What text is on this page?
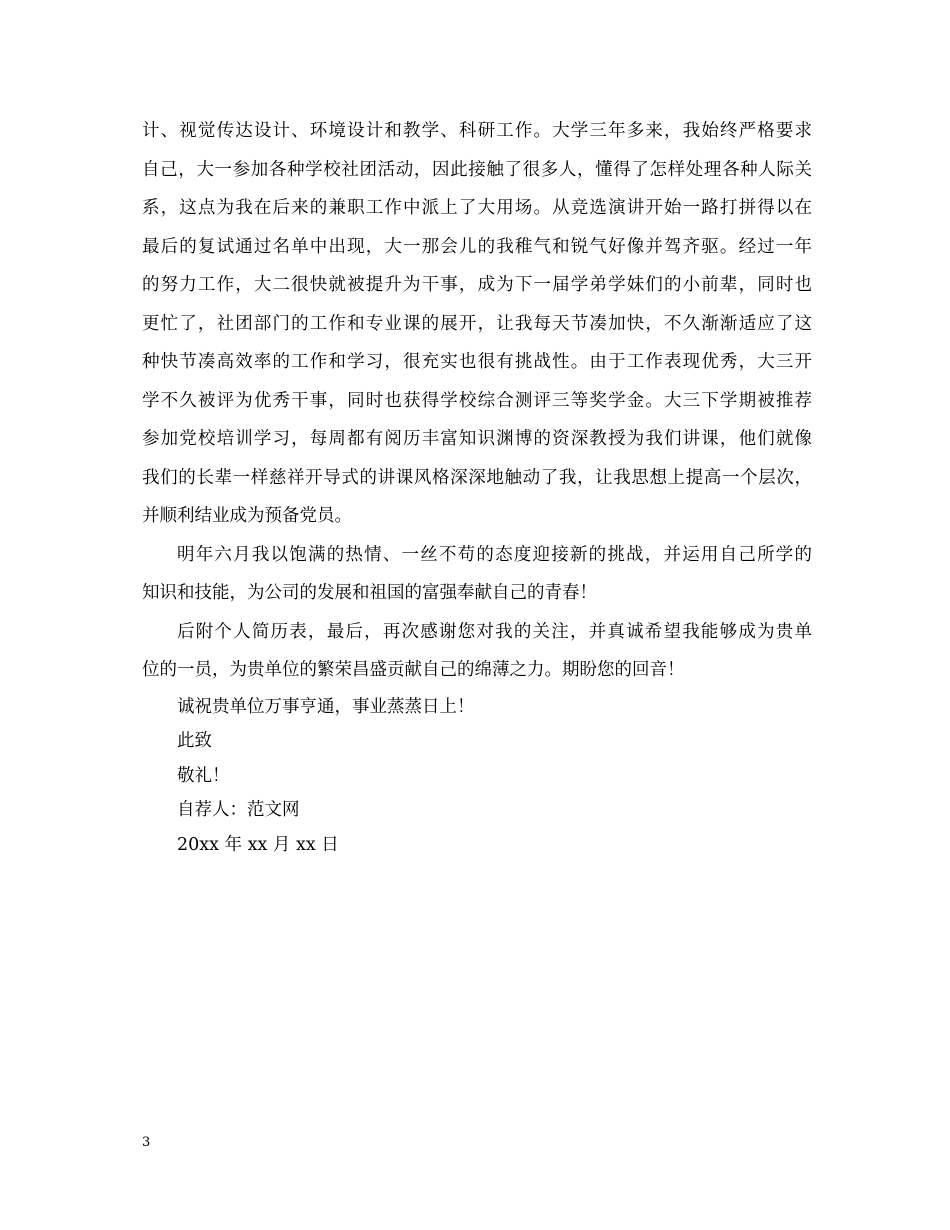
计、视觉传达设计、环境设计和教学、科研工作。大学三年多来，我始终严格要求
自己，大一参加各种学校社团活动，因此接触了很多人，懂得了怎样处理各种人际关
系，这点为我在后来的兼职工作中派上了大用场。从竞选演讲开始一路打拼得以在
最后的复试通过名单中出现，大一那会儿的我稚气和锐气好像并驾齐驱。经过一年
的努力工作，大二很快就被提升为干事，成为下一届学弟学妹们的小前辈，同时也
更忙了，社团部门的工作和专业课的展开，让我每天节凑加快，不久渐渐适应了这
种快节凑高效率的工作和学习，很充实也很有挑战性。由于工作表现优秀，大三开
学不久被评为优秀干事，同时也获得学校综合测评三等奖学金。大三下学期被推荐
参加党校培训学习，每周都有阅历丰富知识渊博的资深教授为我们讲课，他们就像
我们的长辈一样慈祥开导式的讲课风格深深地触动了我，让我思想上提高一个层次，
并顺利结业成为预备党员。
明年六月我以饱满的热情、一丝不苟的态度迎接新的挑战，并运用自己所学的
知识和技能，为公司的发展和祖国的富强奉献自己的青春！
后附个人简历表，最后，再次感谢您对我的关注，并真诚希望我能够成为贵单
位的一员，为贵单位的繁荣昌盛贡献自己的绵薄之力。期盼您的回音！
诚祝贵单位万事亨通，事业蒸蒸日上！
此致
敬礼！
自荐人：范文网
20xx 年 xx 月 xx 日
3
